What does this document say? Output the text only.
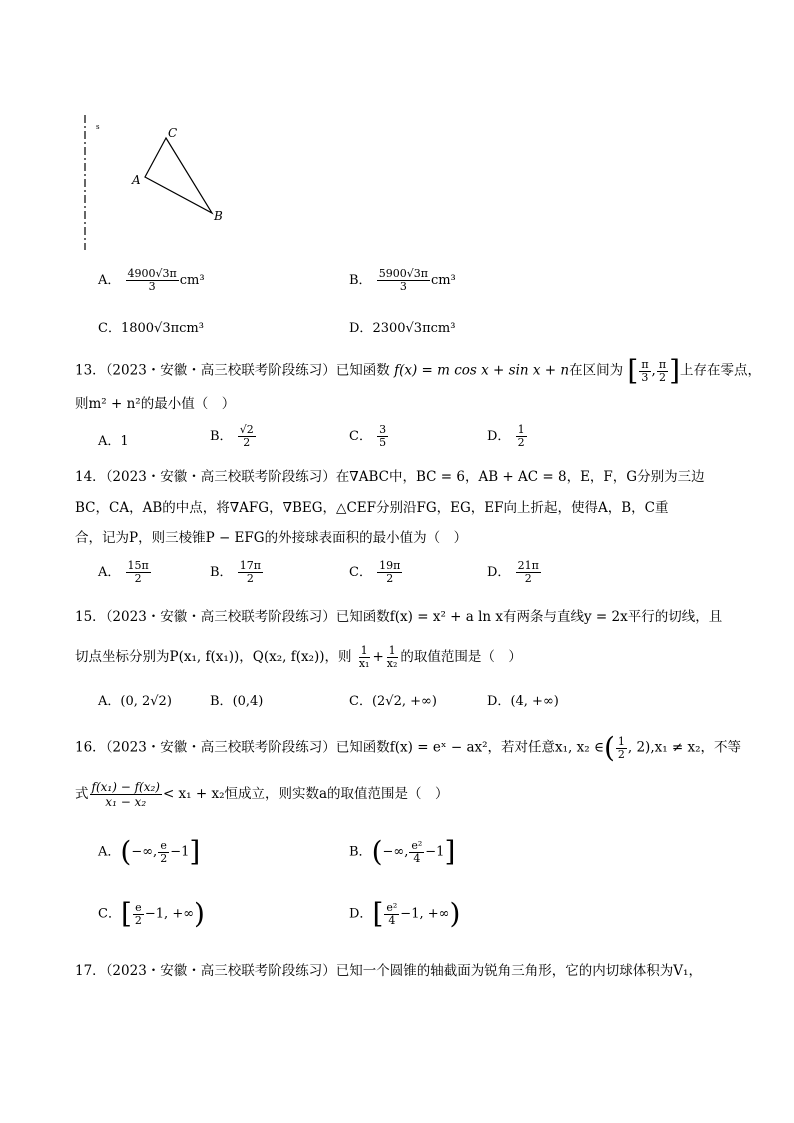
s	C
A
B
A． $\frac{4900√3\pi}{3} cm^3$	B． $\frac{5900√3\pi}{3} cm^3$
C．1800√3πcm³	D．2300√3πcm³
13．（2023・安徽・高三校联考阶段练习）已知函数 f(x) = m cos x + sin x + n在区间为 [ $\frac{\pi}{3}$ , $\frac{\pi}{2}$ ]上存在零点，
则m² + n²的最小值（　）
A．1	B． $\frac{√2}{2}$	C． $\frac{3}{5}$	D． $\frac{1}{2}$
14．（2023・安徽・高三校联考阶段练习）在∇ABC中，BC = 6，AB + AC = 8，E，F，G分别为三边
BC，CA，AB的中点，将∇AFG，∇BEG，△CEF分别沿FG，EG，EF向上折起，使得A，B，C重
合，记为P，则三棱锥P − EFG的外接球表面积的最小值为（　）
A． $\frac{15\pi}{2}$	B． $\frac{17\pi}{2}$	C． $\frac{19\pi}{2}$	D． $\frac{21\pi}{2}$
15．（2023・安徽・高三校联考阶段练习）已知函数f(x) = x² + a ln x有两条与直线y = 2x平行的切线，且
切点坐标分别为P(x₁, f(x₁))，Q(x₂, f(x₂))，则 $\frac{1}{\text{x₁}} + \frac{1}{\text{x₂}}$ 的取值范围是（　）
A．(0, 2√2)	B．(0,4)	C．(2√2, +∞)	D．(4, +∞)
16．（2023・安徽・高三校联考阶段练习）已知函数f(x) = eˣ − ax²，若对任意x₁, x₂ ∈( $\frac{1}{2}$ , 2),x₁ ≠ x₂，不等
式 $\frac{\text{f(x₁) − f(x₂)}}{\text{x₁ − x₂}} < x_1 + x_2$恒成立，则实数a的取值范围是（　）
A．(−∞, $\frac{e}{2} -1$]	B．(−∞, $\frac{\text{e²}}{4} -1$]
C．[ $\frac{e}{2} -1$, +∞)	D．[ $\frac{\text{e²}}{4} -1$, +∞)
17．（2023・安徽・高三校联考阶段练习）已知一个圆锥的轴截面为锐角三角形，它的内切球体积为V₁，
